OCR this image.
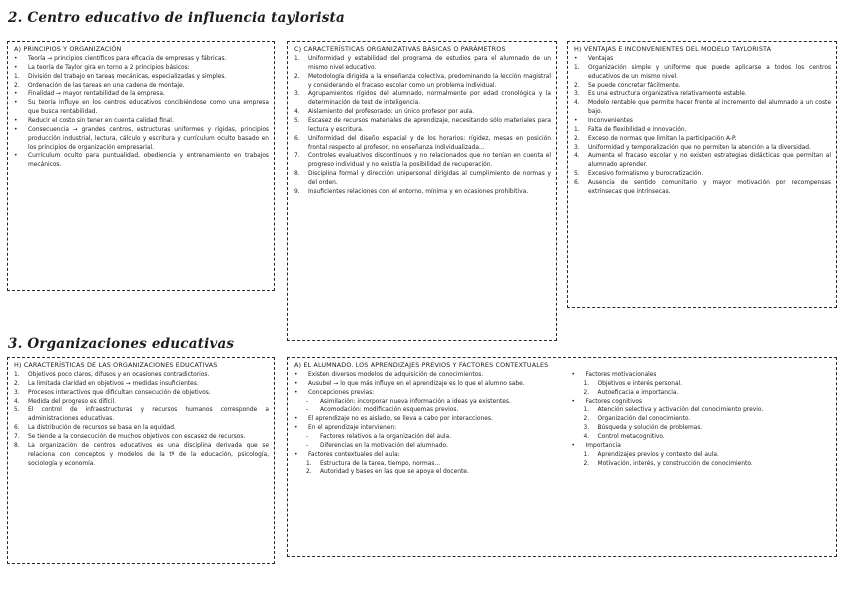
2. Centro educativo de influencia taylorista
A) PRINCIPIOS Y ORGANIZACIÓN
•	Teoría → principios científicos para eficacia de empresas y fábricas.
•	La teoría de Taylor gira en torno a 2 principios básicos:
1.	División del trabajo en tareas mecánicas, especializadas y simples.
2.	Ordenación de las tareas en una cadena de montaje.
•	Finalidad → mayor rentabilidad de la empresa.
•	Su teoría influye en los centros educativos concibiéndose como una empresa que busca rentabilidad.
•	Reducir el costo sin tener en cuenta calidad final.
•	Consecuencia → grandes centros, estructuras uniformes y rígidas, principios producción industrial, lectura, cálculo y escritura y currículum oculto basado en los principios de organización empresarial.
•	Currículum oculto para puntualidad, obediencia y entrenamiento en trabajos mecánicos.
C) CARACTERÍSTICAS ORGANIZATIVAS BÁSICAS O PARÁMETROS
1.	Uniformidad y estabilidad del programa de estudios para el alumnado de un mismo nivel educativo.
2.	Metodología dirigida a la enseñanza colectiva, predominando la lección magistral y considerando el fracaso escolar como un problema individual.
3.	Agrupamientos rígidos del alumnado, normalmente por edad cronológica y la determinación de test de inteligencia.
4.	Aislamiento del profesorado: un único profesor por aula.
5.	Escasez de recursos materiales de aprendizaje, necesitando sólo materiales para lectura y escritura.
6.	Uniformidad del diseño espacial y de los horarios: rígidez, mesas en posición frontal respecto al profesor, no enseñanza individualizada...
7.	Controles evaluativos discontinuos y no relacionados que no tenían en cuenta el progreso individual y no existía la posibilidad de recuperación.
8.	Disciplina formal y dirección unipersonal dirigidas al cumplimiento de normas y del orden.
9.	Insuficientes relaciones con el entorno, mínima y en ocasiones prohibitiva.
H) VENTAJAS E INCONVENIENTES DEL MODELO TAYLORISTA
•	Ventajas
1.	Organización simple y uniforme que puede aplicarse a todos los centros educativos de un mismo nivel.
2.	Se puede concretar fácilmente.
3.	Es una estructura organizativa relativamente estable.
4.	Modelo rentable que permite hacer frente al incremento del alumnado a un coste bajo.
•	Inconvenientes
1.	Falta de flexibilidad e innovación.
2.	Exceso de normas que limitan la participación A-P.
3.	Uniformidad y temporalización que no permiten la atención a la diversidad.
4.	Aumenta el fracaso escolar y no existen estrategias didácticas que permitan al alumnado aprender.
5.	Excesivo formalismo y burocratización.
6.	Ausencia de sentido comunitario y mayor motivación por recompensas extrínsecas que intrínsecas.
3. Organizaciones educativas
H) CARACTERÍSTICAS DE LAS ORGANIZACIONES EDUCATIVAS
1.	Objetivos poco claros, difusos y en ocasiones contradictorios.
2.	La limitada claridad en objetivos → medidas insuficientes.
3.	Procesos interactivos que dificultan consecución de objetivos.
4.	Medida del progreso es difícil.
5.	El control de infraestructuras y recursos humanos corresponde a administraciones educativas.
6.	La distribución de recursos se basa en la equidad.
7.	Se tiende a la consecución de muchos objetivos con escasez de recursos.
8.	La organización de centros educativos es una disciplina derivada que se relaciona con conceptos y modelos de la tª de la educación, psicología, sociología y economía.
A) EL ALUMNADO. LOS APRENDIZAJES PREVIOS Y FACTORES CONTEXTUALES
•	Existen diversos modelos de adquisición de conocimientos.
•	Ausubel → lo que más influye en el aprendizaje es lo que el alumno sabe.
•	Concepciones previas:
-	Asimilación: incorporar nueva información a ideas ya existentes.
-	Acomodación: modificación esquemas previos.
•	El aprendizaje no es aislado, se lleva a cabo por interacciones.
•	En el aprendizaje intervienen:
-	Factores relativos a la organización del aula.
-	Diferencias en la motivación del alumnado.
•	Factores contextuales del aula:
1.	Estructura de la tarea, tiempo, normas...
2.	Autoridad y bases en las que se apoya el docente.
•	Factores motivacionales
1.	Objetivos e interés personal.
2.	Autoeficacia e importancia.
•	Factores cognitivos
1.	Atención selectiva y activación del conocimiento previo.
2.	Organización del conocimiento.
3.	Búsqueda y solución de problemas.
4.	Control metacognitivo.
•	Importancia
1.	Aprendizajes previos y contexto del aula.
2.	Motivación, interés, y construcción de conocimiento.
